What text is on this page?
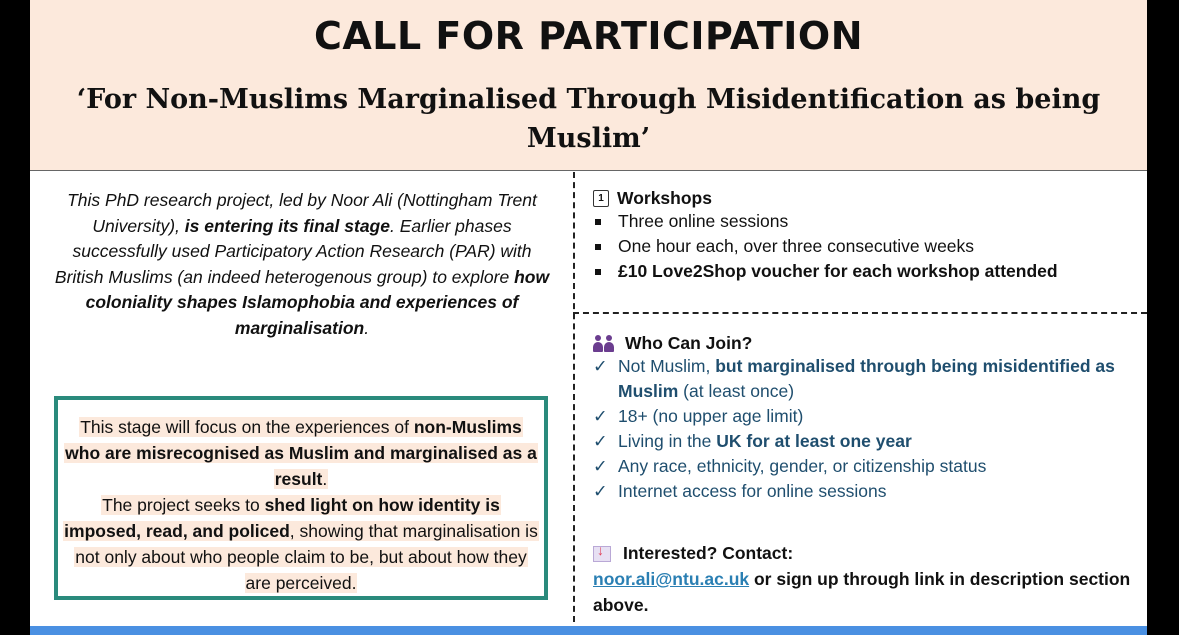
CALL FOR PARTICIPATION
‘For Non-Muslims Marginalised Through Misidentification as being Muslim’
This PhD research project, led by Noor Ali (Nottingham Trent University), is entering its final stage. Earlier phases successfully used Participatory Action Research (PAR) with British Muslims (an indeed heterogenous group) to explore how coloniality shapes Islamophobia and experiences of marginalisation.
This stage will focus on the experiences of non-Muslims who are misrecognised as Muslim and marginalised as a result.
The project seeks to shed light on how identity is imposed, read, and policed, showing that marginalisation is not only about who people claim to be, but about how they are perceived.
1 Workshops
Three online sessions
One hour each, over three consecutive weeks
£10 Love2Shop voucher for each workshop attended
Who Can Join?
✓ Not Muslim, but marginalised through being misidentified as Muslim (at least once)
✓ 18+ (no upper age limit)
✓ Living in the UK for at least one year
✓ Any race, ethnicity, gender, or citizenship status
✓ Internet access for online sessions
↓
Interested? Contact:
noor.ali@ntu.ac.uk or sign up through link in description section above.
